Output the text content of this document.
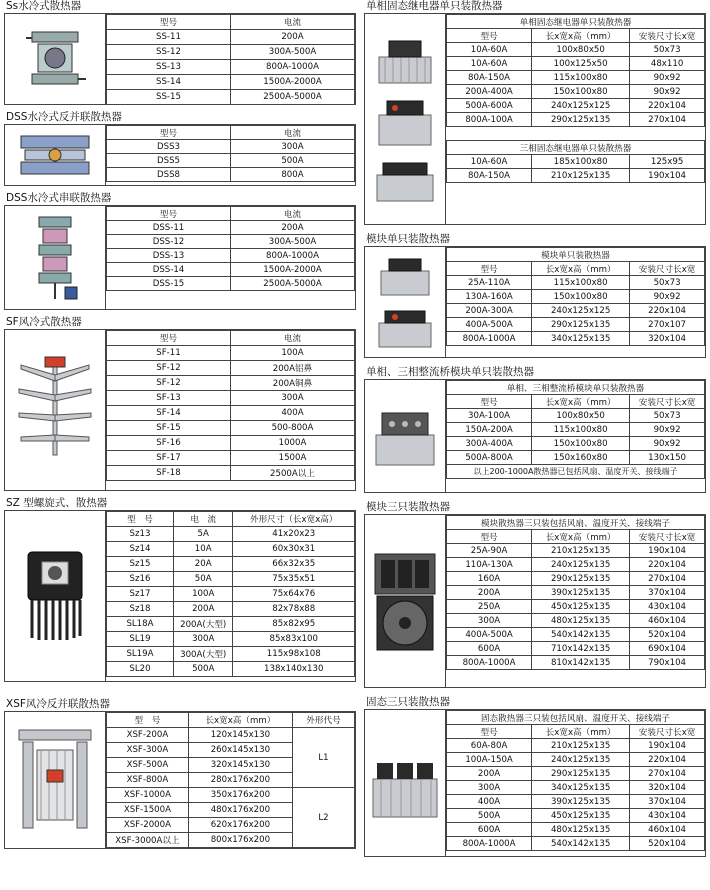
Ss水冷式散热器
型号	电流
SS-11	200A
SS-12	300A-500A
SS-13	800A-1000A
SS-14	1500A-2000A
SS-15	2500A-5000A
DSS水冷式反并联散热器
型号	电流
DSS3	300A
DSS5	500A
DSS8	800A
DSS水冷式串联散热器
型号	电流
DSS-11	200A
DSS-12	300A-500A
DSS-13	800A-1000A
DSS-14	1500A-2000A
DSS-15	2500A-5000A
SF风冷式散热器
型号	电流
SF-11	100A
SF-12	200A铝鼻
SF-12	200A铜鼻
SF-13	300A
SF-14	400A
SF-15	500-800A
SF-16	1000A
SF-17	1500A
SF-18	2500A以上
SZ 型螺旋式、散热器
型　号	电　流	外形尺寸（长x宽x高）
Sz13	5A	41x20x23
Sz14	10A	60x30x31
Sz15	20A	66x32x35
Sz16	50A	75x35x51
Sz17	100A	75x64x76
Sz18	200A	82x78x88
SL18A	200A(大型)	85x82x95
SL19	300A	85x83x100
SL19A	300A(大型)	115x98x108
SL20	500A	138x140x130
XSF风冷反并联散热器
型　号	长x宽x高（mm）	外形代号
XSF-200A	120x145x130	L1
XSF-300A	260x145x130	
XSF-500A	320x145x130	
XSF-800A	280x176x200	
XSF-1000A	350x176x200	L2
XSF-1500A	480x176x200	
XSF-2000A	620x176x200	
XSF-3000A以上	800x176x200	
单相固态继电器单只装散热器
单相固态继电器单只装散热器		
型号	长x宽x高（mm）	安装尺寸长x宽
10A-60A	100x80x50	50x73
10A-60A	100x125x50	48x110
80A-150A	115x100x80	90x92
200A-400A	150x100x80	90x92
500A-600A	240x125x125	220x104
800A-100A	290x125x135	270x104

三相固态继电器单只装散热器		
10A-60A	185x100x80	125x95
80A-150A	210x125x135	190x104
模块单只装散热器
模块单只装散热器		
型号	长x宽x高（mm）	安装尺寸长x宽
25A-110A	115x100x80	50x73
130A-160A	150x100x80	90x92
200A-300A	240x125x125	220x104
400A-500A	290x125x135	270x107
800A-1000A	340x125x135	320x104
单相、三相整流桥模块单只装散热器
单相、三相整流桥模块单只装散热器		
型号	长x宽x高（mm）	安装尺寸长x宽
30A-100A	100x80x50	50x73
150A-200A	115x100x80	90x92
300A-400A	150x100x80	90x92
500A-800A	150x160x80	130x150
以上200-1000A散热器已包括风扇、温度开关、接线端子		
模块三只装散热器
模块散热器三只装包括风扇、温度开关、接线端子		
型号	长x宽x高（mm）	安装尺寸长x宽
25A-90A	210x125x135	190x104
110A-130A	240x125x135	220x104
160A	290x125x135	270x104
200A	390x125x135	370x104
250A	450x125x135	430x104
300A	480x125x135	460x104
400A-500A	540x142x135	520x104
600A	710x142x135	690x104
800A-1000A	810x142x135	790x104
固态三只装散热器
固态散热器三只装包括风扇、温度开关、接线端子		
型号	长x宽x高（mm）	安装尺寸长x宽
60A-80A	210x125x135	190x104
100A-150A	240x125x135	220x104
200A	290x125x135	270x104
300A	340x125x135	320x104
400A	390x125x135	370x104
500A	450x125x135	430x104
600A	480x125x135	460x104
800A-1000A	540x142x135	520x104
